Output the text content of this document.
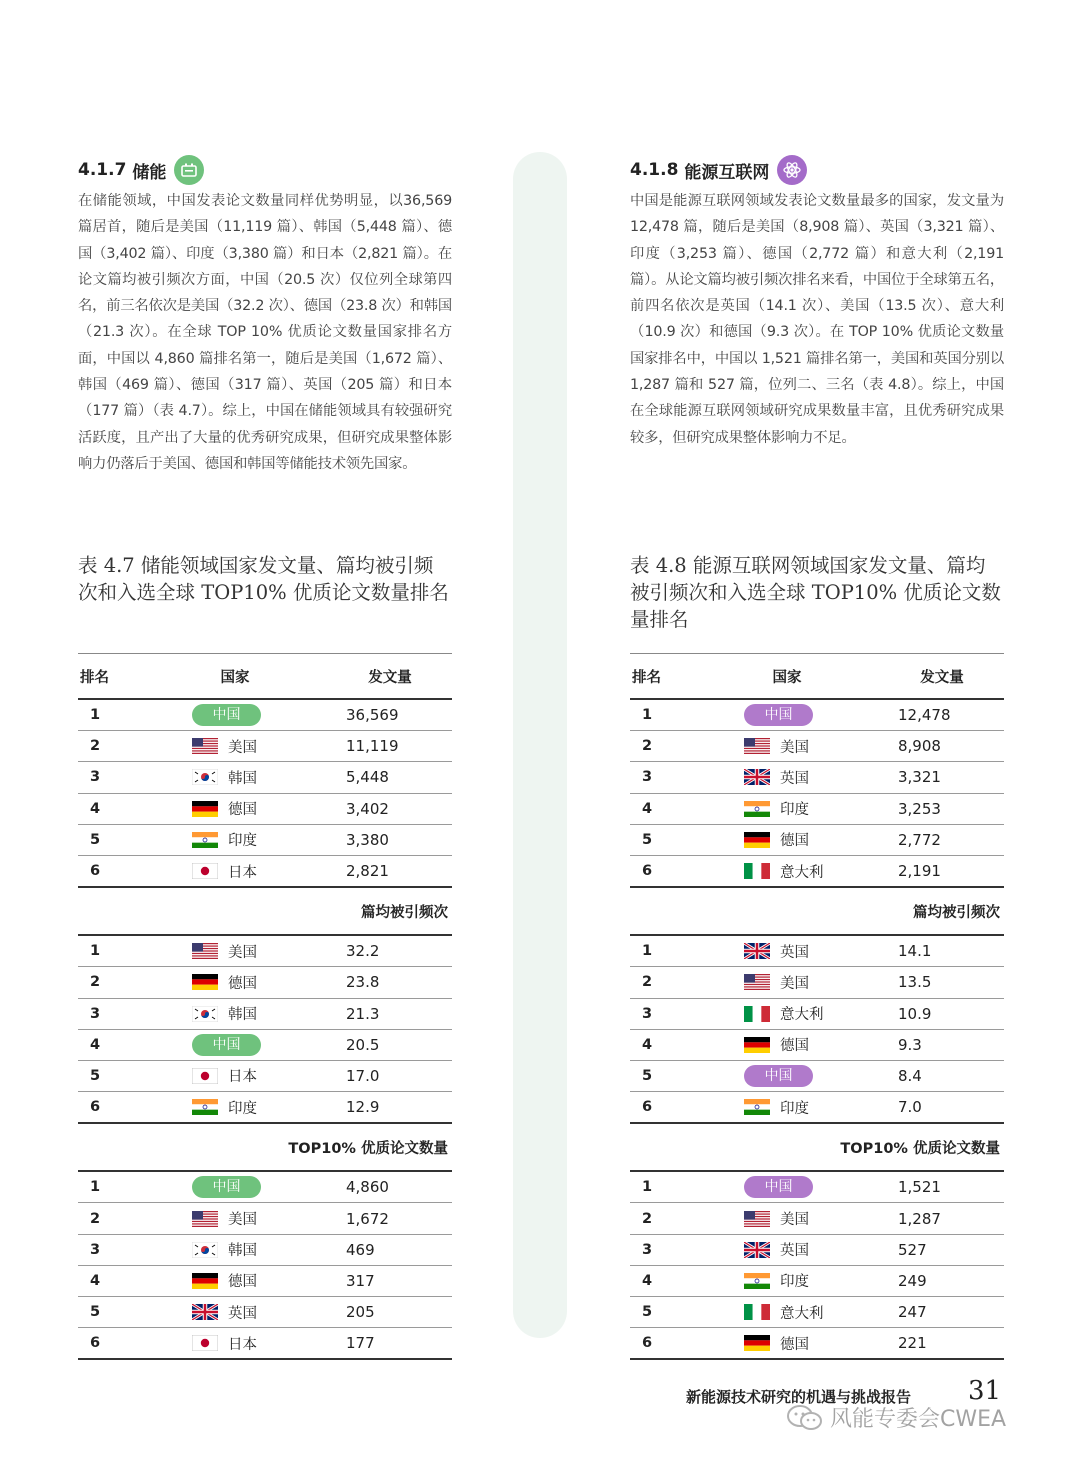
4.1.7 储能
在储能领域，中国发表论文数量同样优势明显，以36,569 篇居首，随后是美国（11,119 篇）、韩国（5,448 篇）、德国（3,402 篇）、印度（3,380 篇）和日本（2,821 篇）。在论文篇均被引频次方面，中国（20.5 次）仅位列全球第四名，前三名依次是美国（32.2 次）、德国（23.8 次）和韩国（21.3 次）。在全球 TOP 10% 优质论文数量国家排名方面，中国以 4,860 篇排名第一，随后是美国（1,672 篇）、韩国（469 篇）、德国（317 篇）、英国（205 篇）和日本（177 篇）（表 4.7）。综上，中国在储能领域具有较强研究活跃度，且产出了大量的优秀研究成果，但研究成果整体影响力仍落后于美国、德国和韩国等储能技术领先国家。
表 4.7 储能领域国家发文量、篇均被引频次和入选全球 TOP10% 优质论文数量排名
排名	国家	发文量
1	中国	36,569
2	美国	11,119
3	韩国	5,448
4	德国	3,402
5	印度	3,380
6	日本	2,821
篇均被引频次
1	美国	32.2
2	德国	23.8
3	韩国	21.3
4	中国	20.5
5	日本	17.0
6	印度	12.9
TOP10% 优质论文数量
1	中国	4,860
2	美国	1,672
3	韩国	469
4	德国	317
5	英国	205
6	日本	177
4.1.8 能源互联网
中国是能源互联网领域发表论文数量最多的国家，发文量为 12,478 篇，随后是美国（8,908 篇）、英国（3,321 篇）、印度（3,253 篇）、德国（2,772 篇）和意大利（2,191 篇）。从论文篇均被引频次排名来看，中国位于全球第五名，前四名依次是英国（14.1 次）、美国（13.5 次）、意大利（10.9 次）和德国（9.3 次）。在 TOP 10% 优质论文数量国家排名中，中国以 1,521 篇排名第一，美国和英国分别以 1,287 篇和 527 篇，位列二、三名（表 4.8）。综上，中国在全球能源互联网领域研究成果数量丰富，且优秀研究成果较多，但研究成果整体影响力不足。
表 4.8 能源互联网领域国家发文量、篇均被引频次和入选全球 TOP10% 优质论文数量排名
排名	国家	发文量
1	中国	12,478
2	美国	8,908
3	英国	3,321
4	印度	3,253
5	德国	2,772
6	意大利	2,191
篇均被引频次
1	英国	14.1
2	美国	13.5
3	意大利	10.9
4	德国	9.3
5	中国	8.4
6	印度	7.0
TOP10% 优质论文数量
1	中国	1,521
2	美国	1,287
3	英国	527
4	印度	249
5	意大利	247
6	德国	221
新能源技术研究的机遇与挑战报告 31
风能专委会CWEA
